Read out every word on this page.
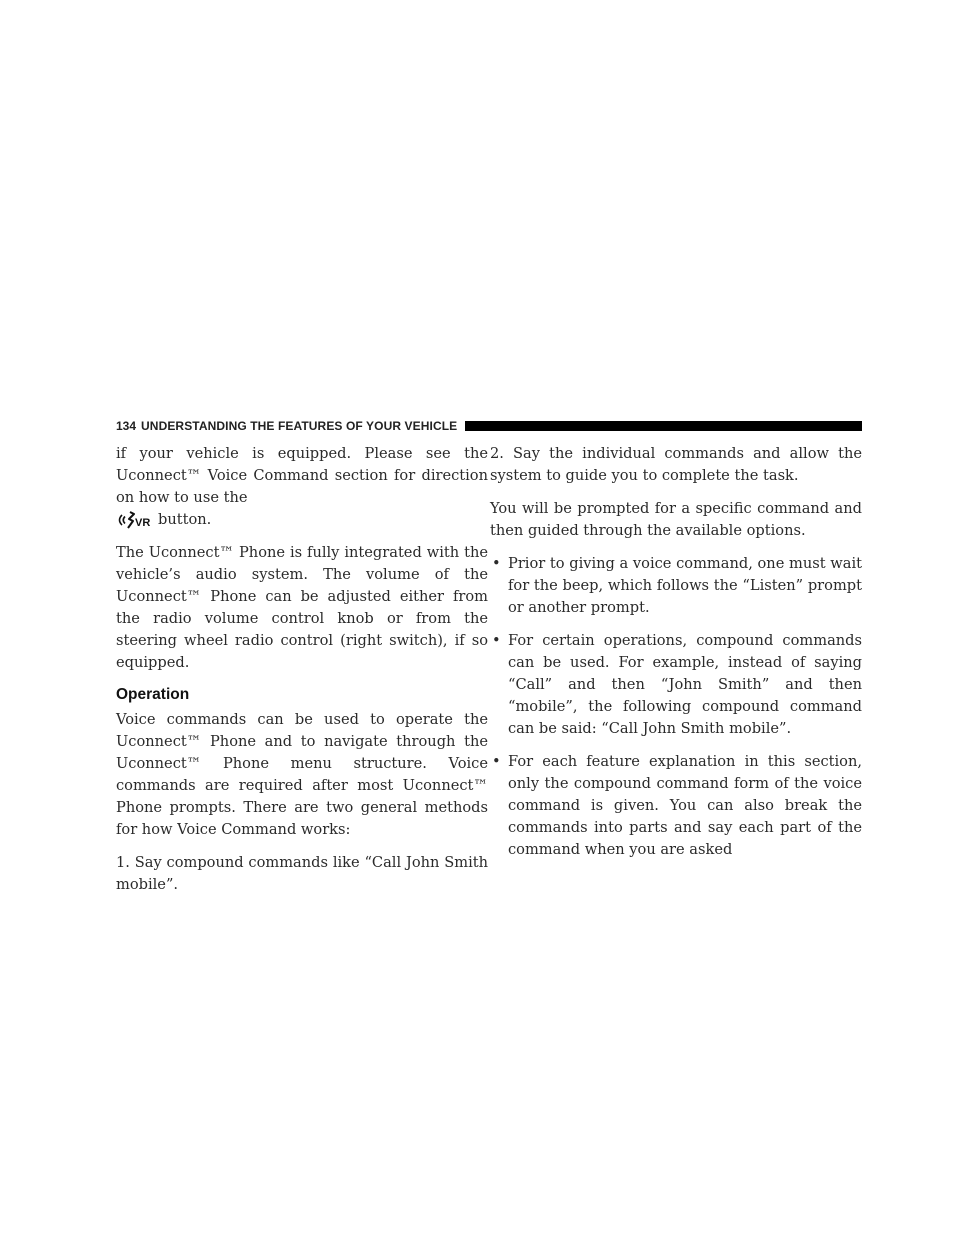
134 UNDERSTANDING THE FEATURES OF YOUR VEHICLE

if your vehicle is equipped. Please see the Uconnect™ Voice Command section for direction on how to use the

VR button.

The Uconnect™ Phone is fully integrated with the vehicle’s audio system. The volume of the Uconnect™ Phone can be adjusted either from the radio volume control knob or from the steering wheel radio control (right switch), if so equipped.

Operation

Voice commands can be used to operate the Uconnect™ Phone and to navigate through the Uconnect™ Phone menu structure. Voice commands are required after most Uconnect™ Phone prompts. There are two general methods for how Voice Command works:

1. Say compound commands like “Call John Smith mobile”.

2. Say the individual commands and allow the system to guide you to complete the task.

You will be prompted for a specific command and then guided through the available options.

• Prior to giving a voice command, one must wait for the beep, which follows the “Listen” prompt or another prompt.

• For certain operations, compound commands can be used. For example, instead of saying “Call” and then “John Smith” and then “mobile”, the following compound command can be said: “Call John Smith mobile”.

• For each feature explanation in this section, only the compound command form of the voice command is given. You can also break the commands into parts and say each part of the command when you are asked
